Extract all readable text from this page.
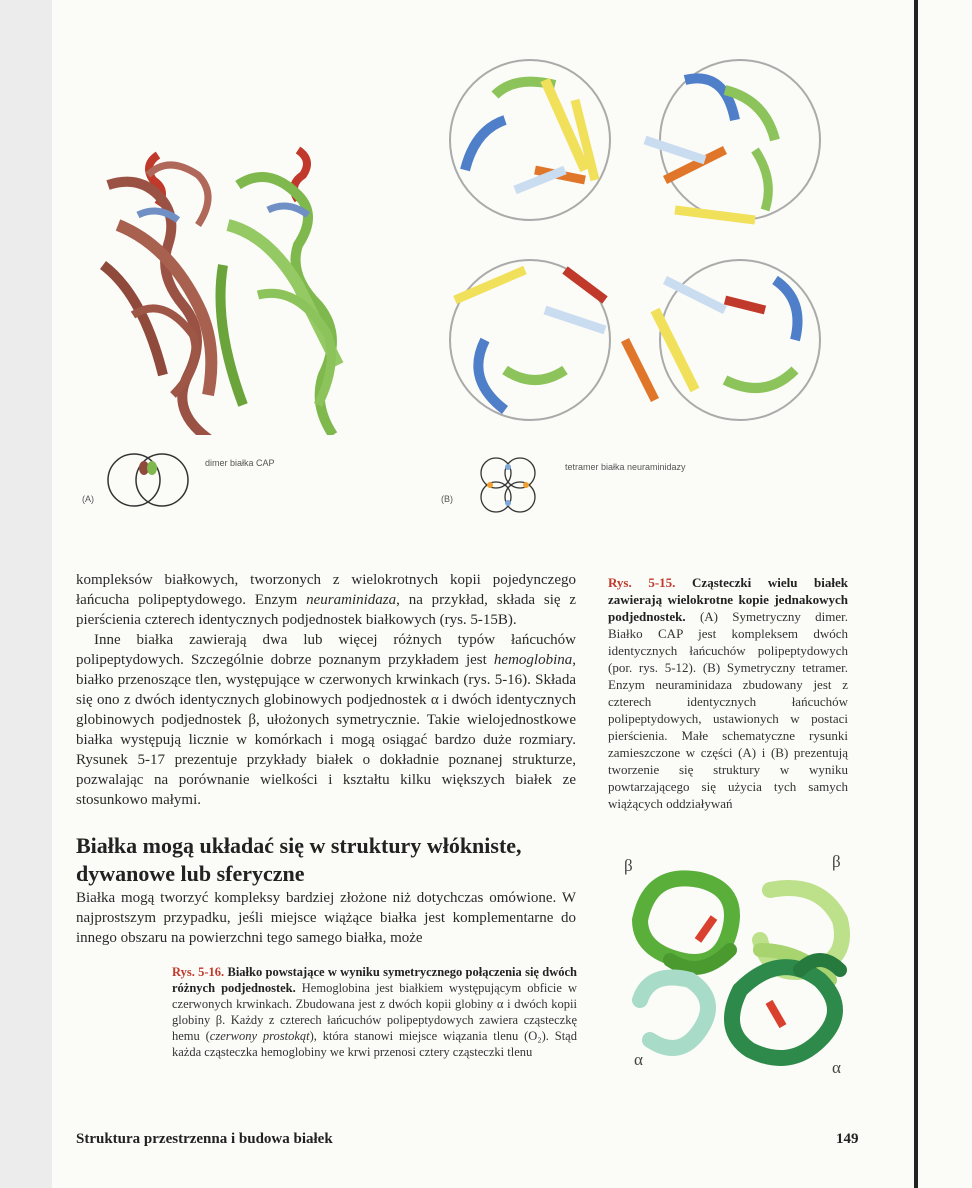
dimer białka CAP
(A)
tetramer białka neuraminidazy
(B)

kompleksów białkowych, tworzonych z wielokrotnych kopii pojedynczego łańcucha polipeptydowego. Enzym neuraminidaza, na przykład, składa się z pierścienia czterech identycznych podjednostek białkowych (rys. 5-15B).

Inne białka zawierają dwa lub więcej różnych typów łańcuchów polipeptydowych. Szczególnie dobrze poznanym przykładem jest hemoglobina, białko przenoszące tlen, występujące w czerwonych krwinkach (rys. 5-16). Składa się ono z dwóch identycznych globinowych podjednostek α i dwóch identycznych globinowych podjednostek β, ułożonych symetrycznie. Takie wielojednostkowe białka występują licznie w komórkach i mogą osiągać bardzo duże rozmiary. Rysunek 5-17 prezentuje przykłady białek o dokładnie poznanej strukturze, pozwalając na porównanie wielkości i kształtu kilku większych białek ze stosunkowo małymi.

Rys. 5-15. Cząsteczki wielu białek zawierają wielokrotne kopie jednakowych podjednostek. (A) Symetryczny dimer. Białko CAP jest kompleksem dwóch identycznych łańcuchów polipeptydowych (por. rys. 5-12). (B) Symetryczny tetramer. Enzym neuraminidaza zbudowany jest z czterech identycznych łańcuchów polipeptydowych, ustawionych w postaci pierścienia. Małe schematyczne rysunki zamieszczone w części (A) i (B) prezentują tworzenie się struktury w wyniku powtarzającego się użycia tych samych wiążących oddziaływań
Białka mogą układać się w struktury włókniste, dywanowe lub sferyczne

Białka mogą tworzyć kompleksy bardziej złożone niż dotychczas omówione. W najprostszym przypadku, jeśli miejsce wiążące białka jest komplementarne do innego obszaru na powierzchni tego samego białka, może

Rys. 5-16. Białko powstające w wyniku symetrycznego połączenia się dwóch różnych podjednostek. Hemoglobina jest białkiem występującym obficie w czerwonych krwinkach. Zbudowana jest z dwóch kopii globiny α i dwóch kopii globiny β. Każdy z czterech łańcuchów polipeptydowych zawiera cząsteczkę hemu (czerwony prostokąt), która stanowi miejsce wiązania tlenu (O₂). Stąd każda cząsteczka hemoglobiny we krwi przenosi cztery cząsteczki tlenu
β	β
α	α
Struktura przestrzenna i budowa białek	149
